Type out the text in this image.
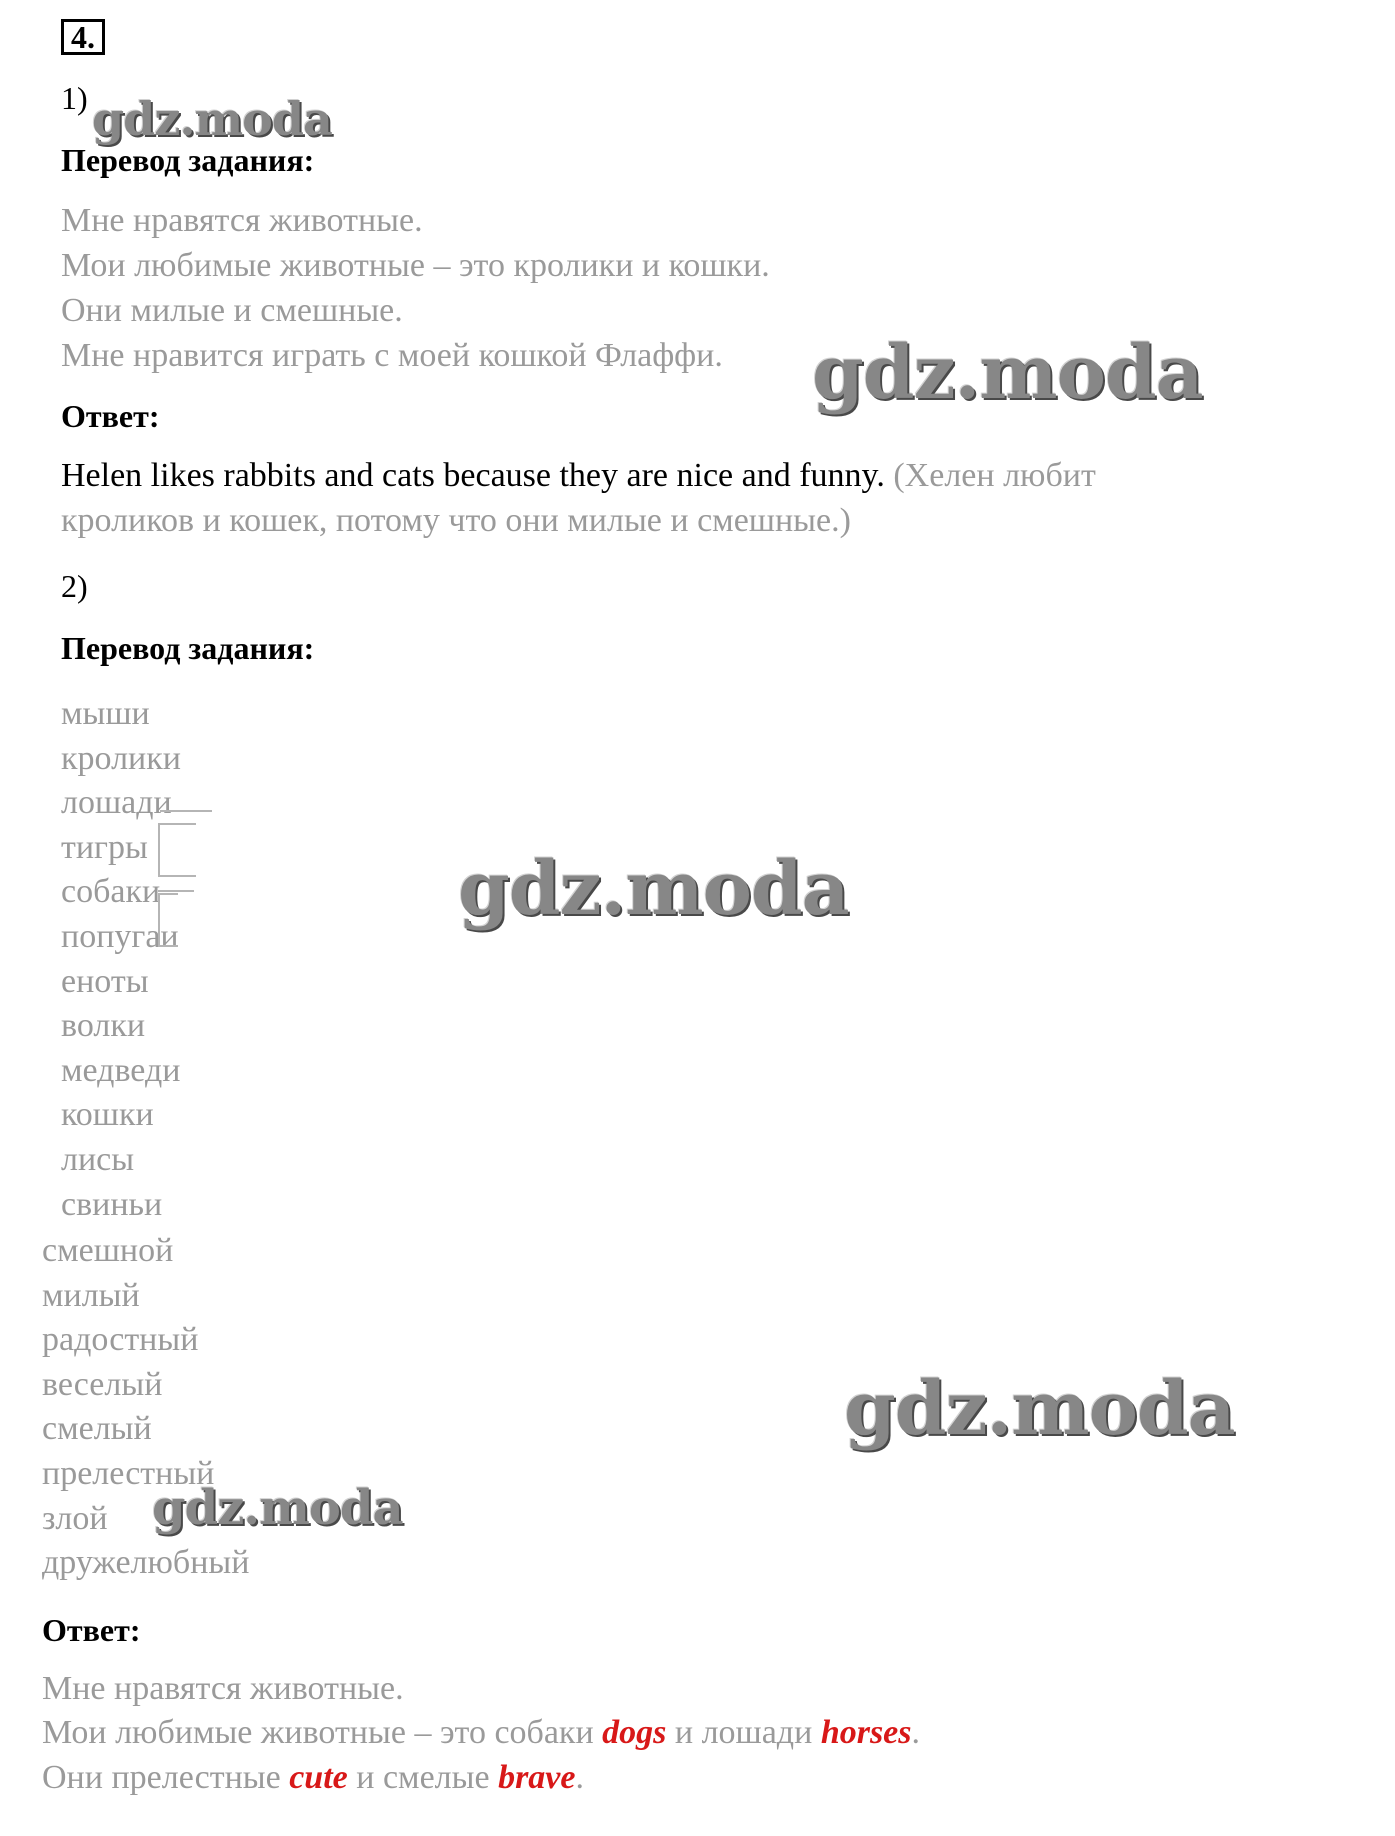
4.
1)
Перевод задания:
Мне нравятся животные.
Мои любимые животные – это кролики и кошки.
Они милые и смешные.
Мне нравится играть с моей кошкой Флаффи.
Ответ:
Helen likes rabbits and cats because they are nice and funny. (Хелен любит
кроликов и кошек, потому что они милые и смешные.)
2)
Перевод задания:
мыши
кролики
лошади
тигры
собаки
попугаи
еноты
волки
медведи
кошки
лисы
свиньи
смешной
милый
радостный
веселый
смелый
прелестный
злой
дружелюбный
Ответ:
Мне нравятся животные.
Мои любимые животные – это собаки dogs и лошади horses.
Они прелестные cute и смелые brave.
gdz.moda
gdz.moda
gdz.moda
gdz.moda
gdz.moda
